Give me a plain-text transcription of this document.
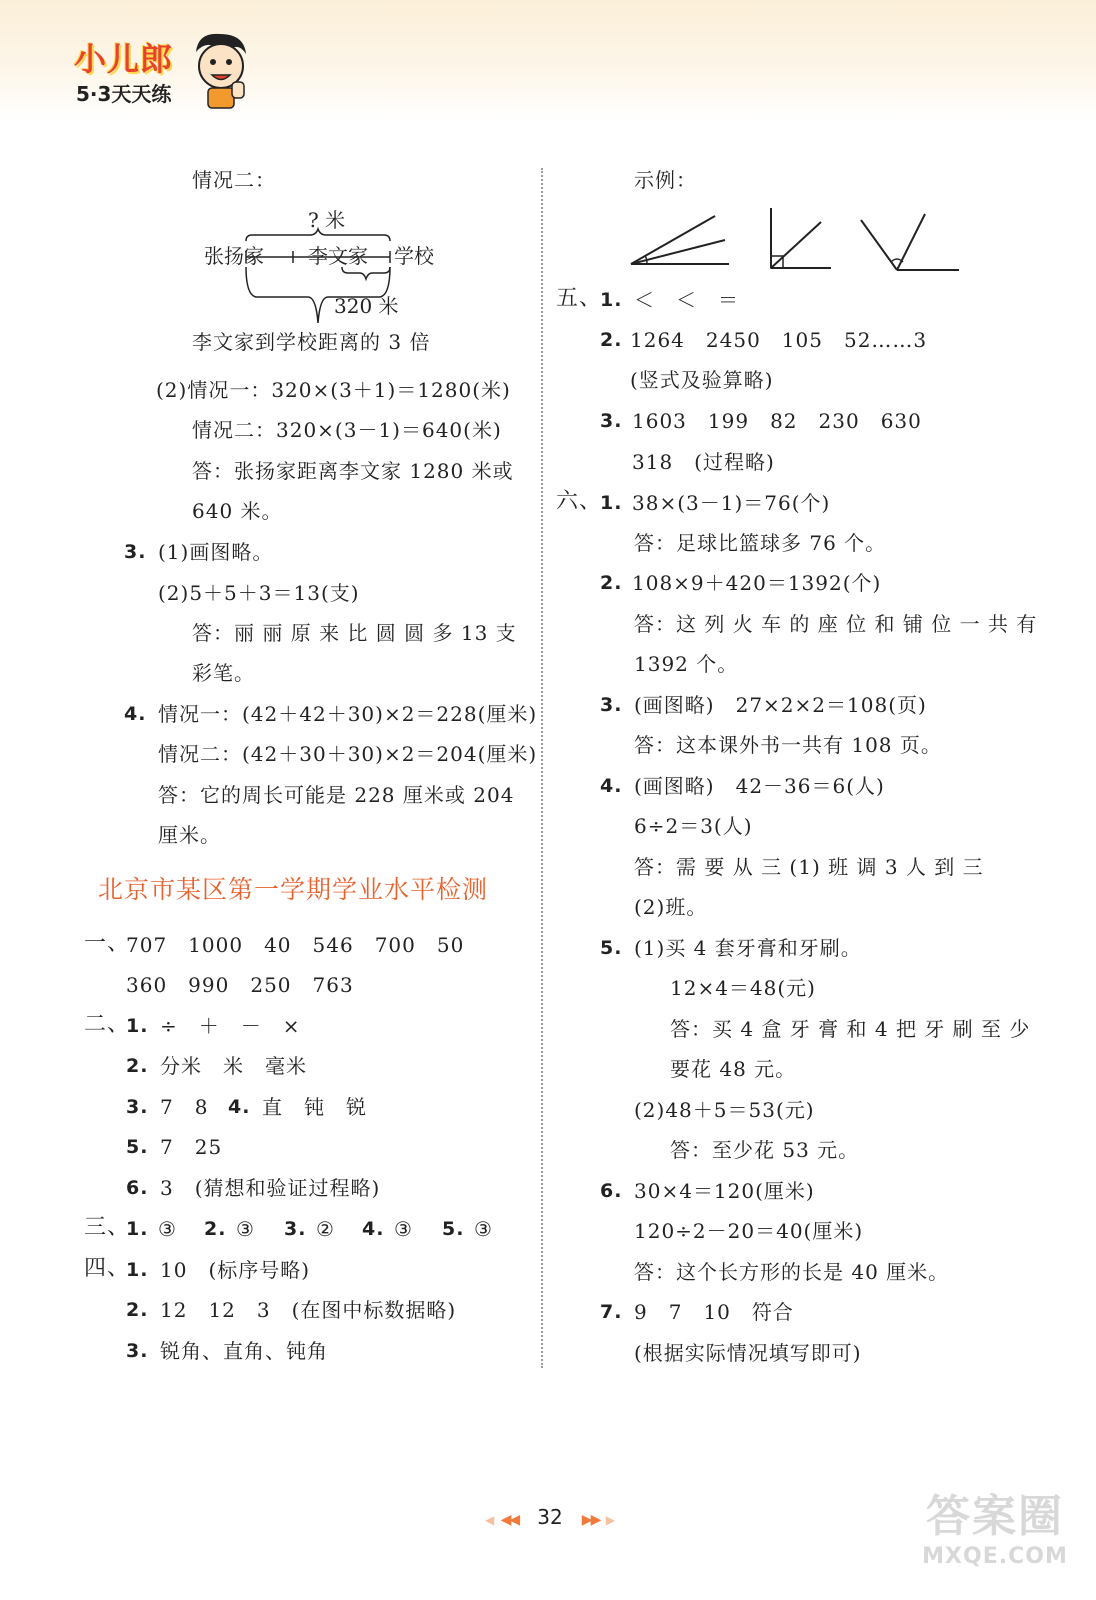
小儿郎
5·3天天练
情况二：
? 米
张扬家 李文家 学校
320 米
李文家到学校距离的 3 倍
(2)情况一：320×(3＋1)＝1280(米)
情况二：320×(3－1)＝640(米)
答：张扬家距离李文家 1280 米或
640 米。
3. (1)画图略。
(2)5＋5＋3＝13(支)
答：丽 丽 原 来 比 圆 圆 多 13 支
彩笔。
4. 情况一：(42＋42＋30)×2＝228(厘米)
情况二：(42＋30＋30)×2＝204(厘米)
答：它的周长可能是 228 厘米或 204
厘米。
北京市某区第一学期学业水平检测
一、
707　1000　40　546　700　50
360　990　250　763
二、
1. ÷　＋　－　×
2. 分米　米　毫米
3. 7　8 4. 直　钝　锐
5. 7　25
6. 3　(猜想和验证过程略)
三、
1. ③ 2. ③ 3. ② 4. ③ 5. ③
四、
1. 10　(标序号略)
2. 12　12　3　(在图中标数据略)
3. 锐角、直角、钝角
示例：
五、
1. ＜　＜　＝
2. 1264　2450　105　52……3
(竖式及验算略)
3. 1603　199　82　230　630
318　(过程略)
六、
1. 38×(3－1)＝76(个)
答：足球比篮球多 76 个。
2. 108×9＋420＝1392(个)
答：这 列 火 车 的 座 位 和 铺 位 一 共 有
1392 个。
3. (画图略)　27×2×2＝108(页)
答：这本课外书一共有 108 页。
4. (画图略)　42－36＝6(人)
6÷2＝3(人)
答：需 要 从 三 (1) 班 调 3 人 到 三
(2)班。
5. (1)买 4 套牙膏和牙刷。
12×4＝48(元)
答：买 4 盒 牙 膏 和 4 把 牙 刷 至 少
要花 48 元。
(2)48＋5＝53(元)
答：至少花 53 元。
6. 30×4＝120(厘米)
120÷2－20＝40(厘米)
答：这个长方形的长是 40 厘米。
7. 9　7　10　符合
(根据实际情况填写即可)
◀ ◀◀ 32 ▶▶ ▶	答案圈
MXQE.COM
